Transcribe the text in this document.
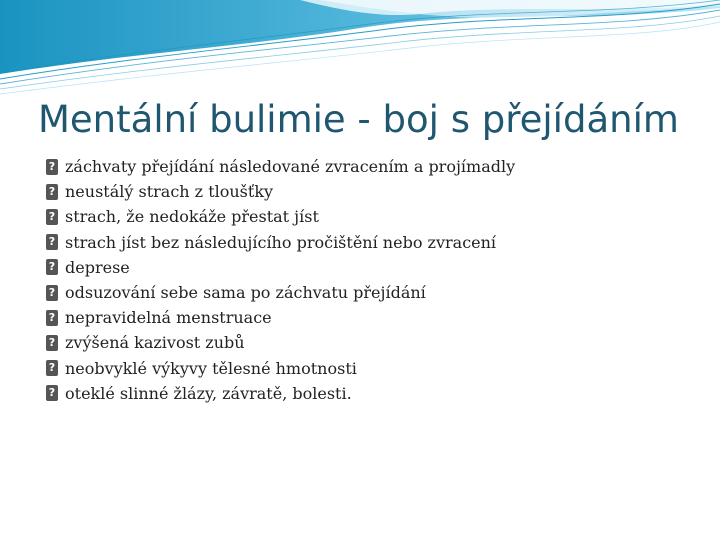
Mentální bulimie - boj s přejídáním
?
záchvaty přejídání následované zvracením a projímadly
?
neustálý strach z tloušťky
?
strach, že nedokáže přestat jíst
?
strach jíst bez následujícího pročištění nebo zvracení
?
deprese
?
odsuzování sebe sama po záchvatu přejídání
?
nepravidelná menstruace
?
zvýšená kazivost zubů
?
neobvyklé výkyvy tělesné hmotnosti
?
oteklé slinné žlázy, závratě, bolesti.
